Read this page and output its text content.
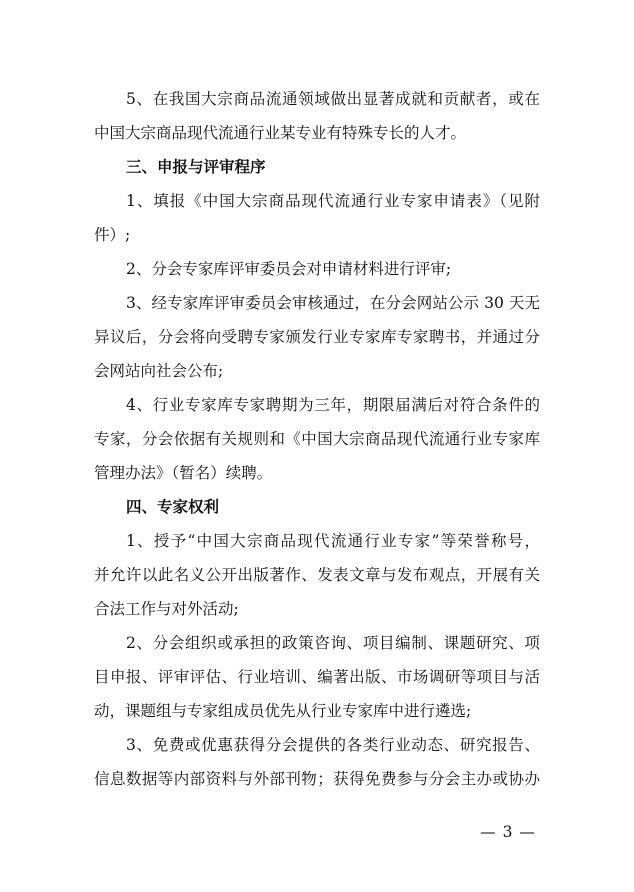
5、在我国大宗商品流通领域做出显著成就和贡献者，或在
中国大宗商品现代流通行业某专业有特殊专长的人才。
三、申报与评审程序
1、填报《中国大宗商品现代流通行业专家申请表》（见附
件）;
2、分会专家库评审委员会对申请材料进行评审;
3、经专家库评审委员会审核通过，在分会网站公示 30 天无
异议后，分会将向受聘专家颁发行业专家库专家聘书，并通过分
会网站向社会公布;
4、行业专家库专家聘期为三年，期限届满后对符合条件的
专家，分会依据有关规则和《中国大宗商品现代流通行业专家库
管理办法》（暂名）续聘。
四、专家权利
1、授予“中国大宗商品现代流通行业专家”等荣誉称号，
并允许以此名义公开出版著作、发表文章与发布观点，开展有关
合法工作与对外活动;
2、分会组织或承担的政策咨询、项目编制、课题研究、项
目申报、评审评估、行业培训、编著出版、市场调研等项目与活
动，课题组与专家组成员优先从行业专家库中进行遴选;
3、免费或优惠获得分会提供的各类行业动态、研究报告、
信息数据等内部资料与外部刊物；获得免费参与分会主办或协办
— 3 —
